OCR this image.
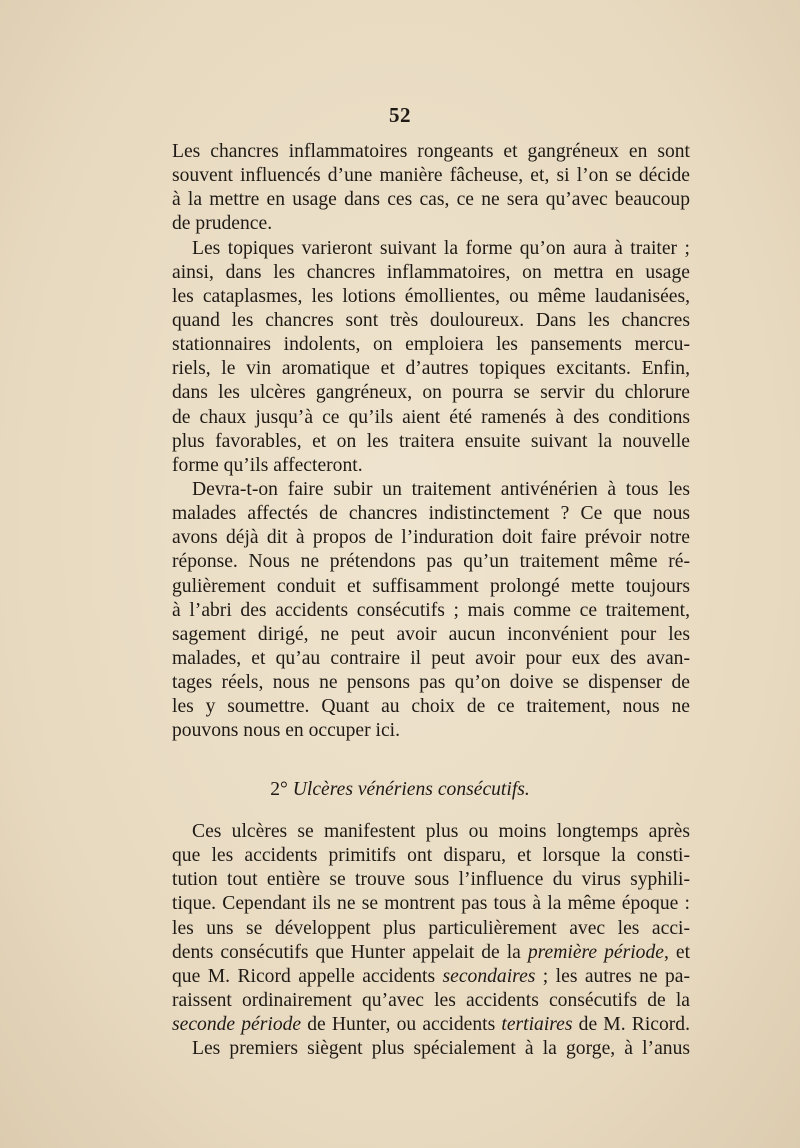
52
Les chancres inflammatoires rongeants et gangréneux en sont
souvent influencés d’une manière fâcheuse, et, si l’on se décide
à la mettre en usage dans ces cas, ce ne sera qu’avec beaucoup
de prudence.
Les topiques varieront suivant la forme qu’on aura à traiter ;
ainsi, dans les chancres inflammatoires, on mettra en usage
les cataplasmes, les lotions émollientes, ou même laudanisées,
quand les chancres sont très douloureux. Dans les chancres
stationnaires indolents, on emploiera les pansements mercu-
riels, le vin aromatique et d’autres topiques excitants. Enfin,
dans les ulcères gangréneux, on pourra se servir du chlorure
de chaux jusqu’à ce qu’ils aient été ramenés à des conditions
plus favorables, et on les traitera ensuite suivant la nouvelle
forme qu’ils affecteront.
Devra-t-on faire subir un traitement antivénérien à tous les
malades affectés de chancres indistinctement ? Ce que nous
avons déjà dit à propos de l’induration doit faire prévoir notre
réponse. Nous ne prétendons pas qu’un traitement même ré-
gulièrement conduit et suffisamment prolongé mette toujours
à l’abri des accidents consécutifs ; mais comme ce traitement,
sagement dirigé, ne peut avoir aucun inconvénient pour les
malades, et qu’au contraire il peut avoir pour eux des avan-
tages réels, nous ne pensons pas qu’on doive se dispenser de
les y soumettre. Quant au choix de ce traitement, nous ne
pouvons nous en occuper ici.
2° Ulcères vénériens consécutifs.
Ces ulcères se manifestent plus ou moins longtemps après
que les accidents primitifs ont disparu, et lorsque la consti-
tution tout entière se trouve sous l’influence du virus syphili-
tique. Cependant ils ne se montrent pas tous à la même époque :
les uns se développent plus particulièrement avec les acci-
dents consécutifs que Hunter appelait de la première période, et
que M. Ricord appelle accidents secondaires ; les autres ne pa-
raissent ordinairement qu’avec les accidents consécutifs de la
seconde période de Hunter, ou accidents tertiaires de M. Ricord.
Les premiers siègent plus spécialement à la gorge, à l’anus
